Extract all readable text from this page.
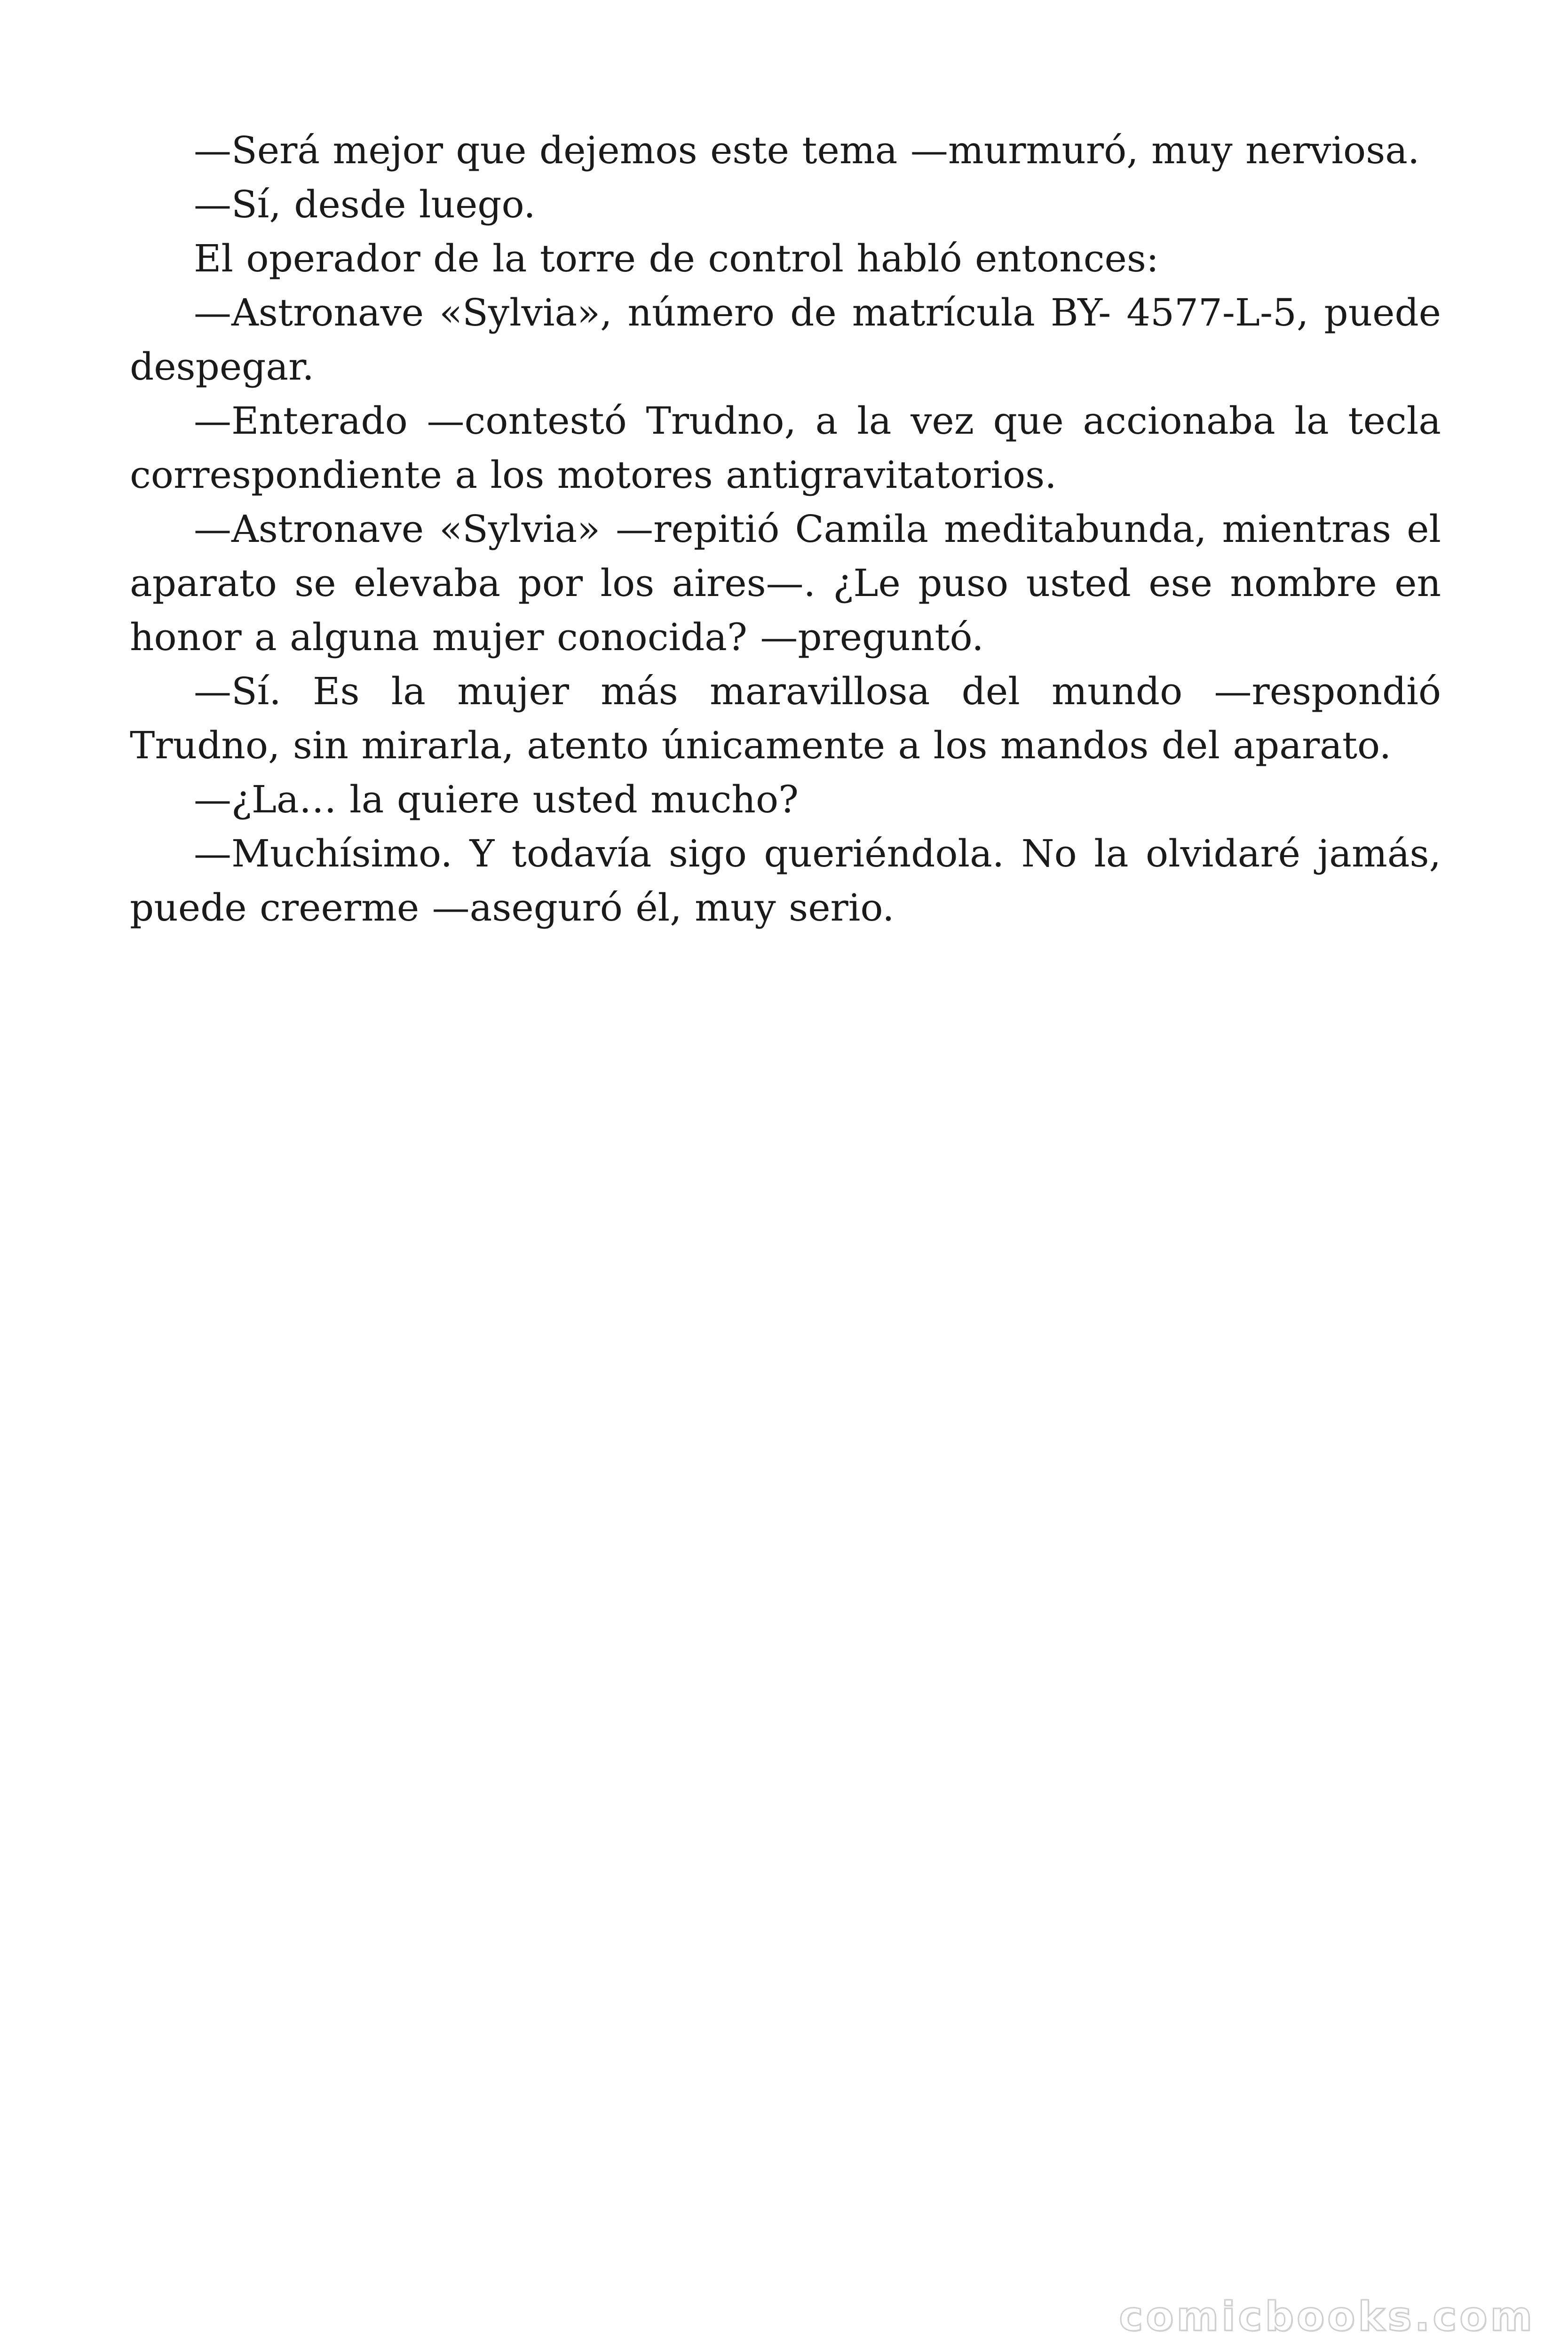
—Será mejor que dejemos este tema —murmuró, muy nerviosa.

—Sí, desde luego.

El operador de la torre de control habló entonces:

—Astronave «Sylvia», número de matrícula BY- 4577-L-5, puede despegar.

—Enterado —contestó Trudno, a la vez que accionaba la tecla correspondiente a los motores antigravitatorios.

—Astronave «Sylvia» —repitió Camila meditabunda, mientras el aparato se elevaba por los aires—. ¿Le puso usted ese nombre en honor a alguna mujer conocida? —preguntó.

—Sí. Es la mujer más maravillosa del mundo —respondió Trudno, sin mirarla, atento únicamente a los mandos del aparato.

—¿La… la quiere usted mucho?

—Muchísimo. Y todavía sigo queriéndola. No la olvidaré jamás, puede creerme —aseguró él, muy serio.

comicbooks.com
